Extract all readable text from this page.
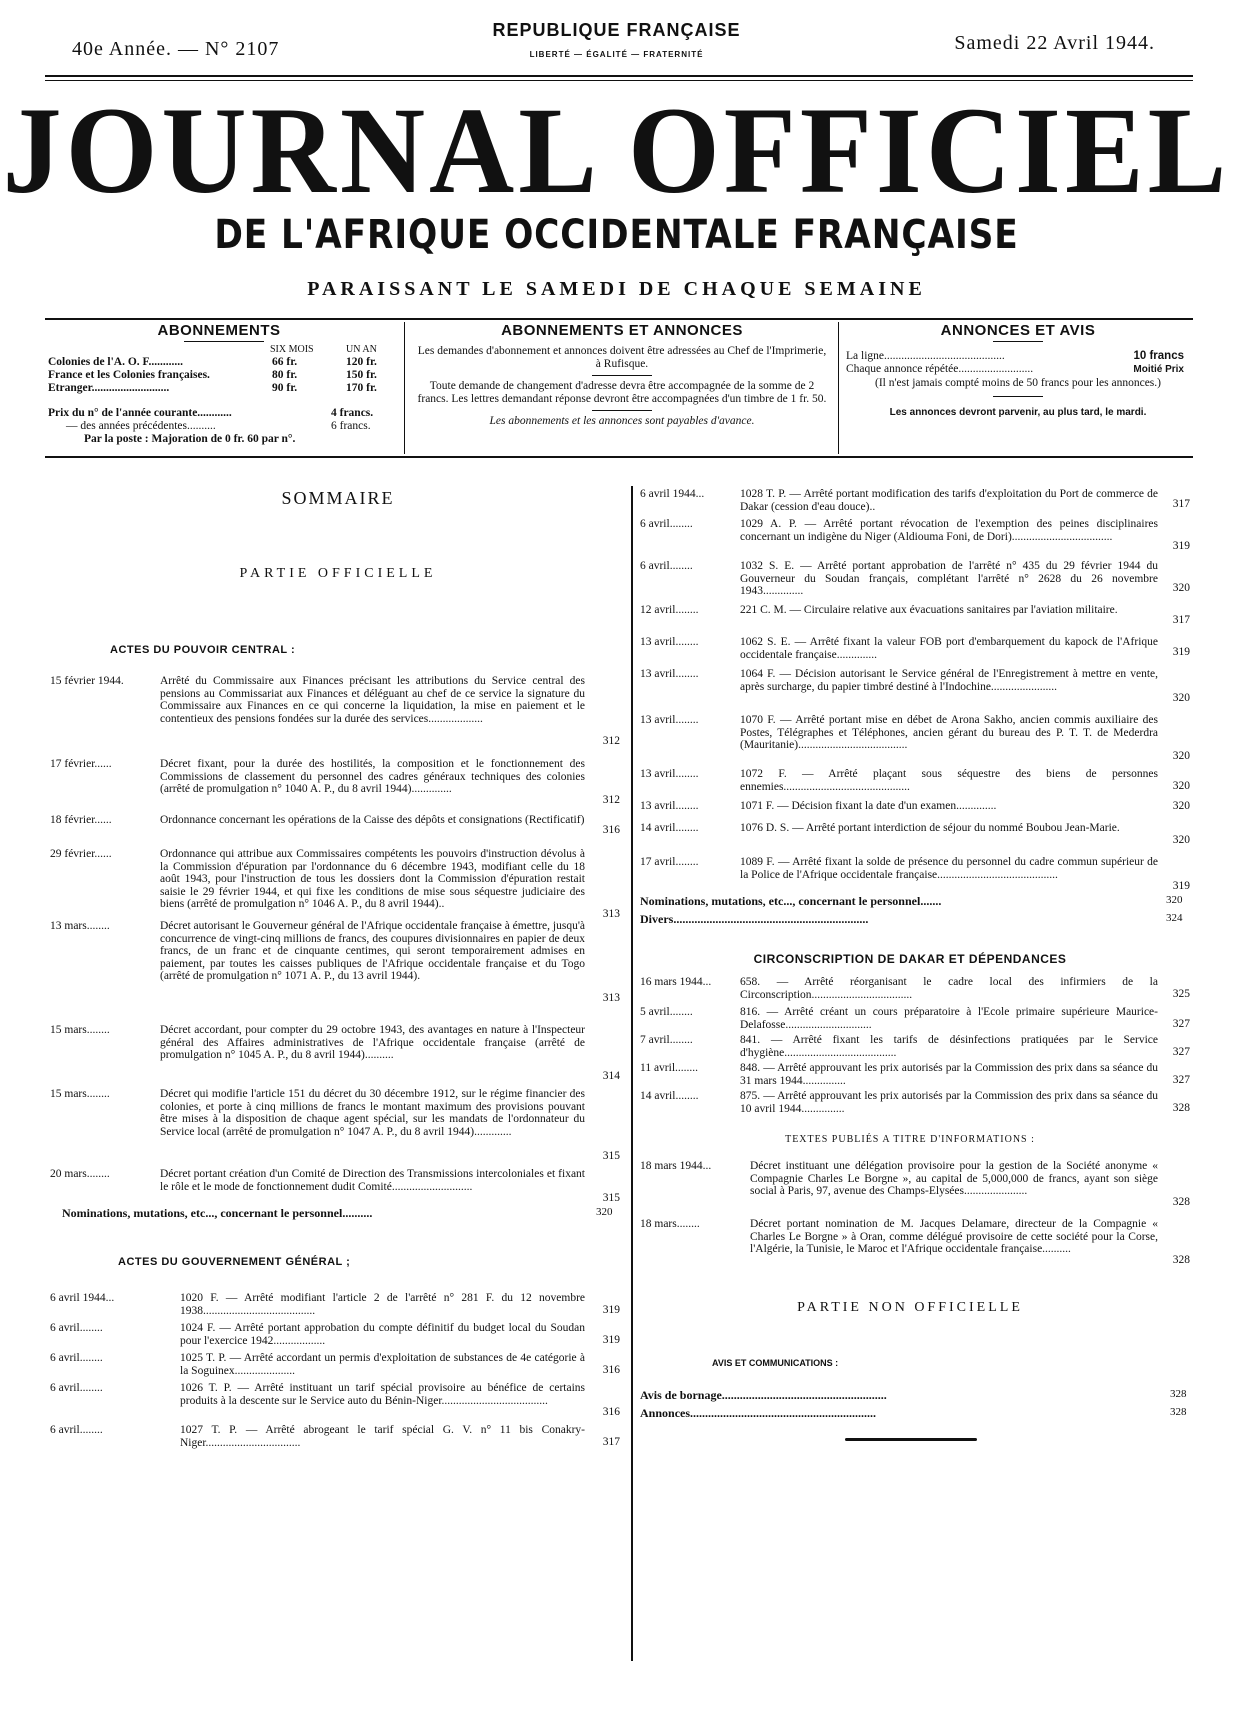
40e Année. — N° 2107
REPUBLIQUE FRANÇAISE
LIBERTÉ — ÉGALITÉ — FRATERNITÉ
Samedi 22 Avril 1944.
JOURNAL OFFICIEL
DE L'AFRIQUE OCCIDENTALE FRANÇAISE
PARAISSANT LE SAMEDI DE CHAQUE SEMAINE
ABONNEMENTS
SIX MOIS	UN AN
Colonies de l'A. O. F............	66 fr.	120 fr.
France et les Colonies françaises.	80 fr.	150 fr.
Etranger...........................	90 fr.	170 fr.
Prix du n° de l'année courante............	4 francs.
— des années précédentes..........	6 francs.
Par la poste : Majoration de 0 fr. 60 par n°.
ABONNEMENTS ET ANNONCES
Les demandes d'abonnement et annonces doivent être adressées au Chef de l'Imprimerie, à Rufisque.
Toute demande de changement d'adresse devra être accompagnée de la somme de 2 francs. Les lettres demandant réponse devront être accompagnées d'un timbre de 1 fr. 50.
Les abonnements et les annonces sont payables d'avance.
ANNONCES ET AVIS
La ligne..........................................	10 francs
Chaque annonce répétée..........................	Moitié Prix
(Il n'est jamais compté moins de 50 francs pour les annonces.)
Les annonces devront parvenir, au plus tard, le mardi.
SOMMAIRE
PARTIE OFFICIELLE
ACTES DU POUVOIR CENTRAL :
15 février 1944.	Arrêté du Commissaire aux Finances précisant les attributions du Service central des pensions au Commissariat aux Finances et déléguant au chef de ce service la signature du Commissaire aux Finances en ce qui concerne la liquidation, la mise en paiement et le contentieux des pensions fondées sur la durée des services...................
312
17 février......	Décret fixant, pour la durée des hostilités, la composition et le fonctionnement des Commissions de classement du personnel des cadres généraux techniques des colonies (arrêté de promulgation n° 1040 A. P., du 8 avril 1944)..............
312
18 février......	Ordonnance concernant les opérations de la Caisse des dépôts et consignations (Rectificatif)
316
29 février......	Ordonnance qui attribue aux Commissaires compétents les pouvoirs d'instruction dévolus à la Commission d'épuration par l'ordonnance du 6 décembre 1943, modifiant celle du 18 août 1943, pour l'instruction de tous les dossiers dont la Commission d'épuration restait saisie le 29 février 1944, et qui fixe les conditions de mise sous séquestre judiciaire des biens (arrêté de promulgation n° 1046 A. P., du 8 avril 1944)..
313
13 mars........	Décret autorisant le Gouverneur général de l'Afrique occidentale française à émettre, jusqu'à concurrence de vingt-cinq millions de francs, des coupures divisionnaires en papier de deux francs, de un franc et de cinquante centimes, qui seront temporairement admises en paiement, par toutes les caisses publiques de l'Afrique occidentale française et du Togo (arrêté de promulgation n° 1071 A. P., du 13 avril 1944).
313
15 mars........	Décret accordant, pour compter du 29 octobre 1943, des avantages en nature à l'Inspecteur général des Affaires administratives de l'Afrique occidentale française (arrêté de promulgation n° 1045 A. P., du 8 avril 1944)..........
314
15 mars........	Décret qui modifie l'article 151 du décret du 30 décembre 1912, sur le régime financier des colonies, et porte à cinq millions de francs le montant maximum des provisions pouvant être mises à la disposition de chaque agent spécial, sur les mandats de l'ordonnateur du Service local (arrêté de promulgation n° 1047 A. P., du 8 avril 1944).............
315
20 mars........	Décret portant création d'un Comité de Direction des Transmissions intercoloniales et fixant le rôle et le mode de fonctionnement dudit Comité............................
315
Nominations, mutations, etc..., concernant le personnel..........	320
ACTES DU GOUVERNEMENT GÉNÉRAL ;
6 avril 1944...	1020 F. — Arrêté modifiant l'article 2 de l'arrêté n° 281 F. du 12 novembre 1938.......................................	319
6 avril........	1024 F. — Arrêté portant approbation du compte définitif du budget local du Soudan pour l'exercice 1942..................	319
6 avril........	1025 T. P. — Arrêté accordant un permis d'exploitation de substances de 4e catégorie à la Soguinex.....................	316
6 avril........	1026 T. P. — Arrêté instituant un tarif spécial provisoire au bénéfice de certains produits à la descente sur le Service auto du Bénin-Niger.....................................
316
6 avril........	1027 T. P. — Arrêté abrogeant le tarif spécial G. V. n° 11 bis Conakry-Niger.................................	317
6 avril 1944...	1028 T. P. — Arrêté portant modification des tarifs d'exploitation du Port de commerce de Dakar (cession d'eau douce)..	317
6 avril........	1029 A. P. — Arrêté portant révocation de l'exemption des peines disciplinaires concernant un indigène du Niger (Aldiouma Foni, de Dori)...................................
319
6 avril........	1032 S. E. — Arrêté portant approbation de l'arrêté n° 435 du 29 février 1944 du Gouverneur du Soudan français, complétant l'arrêté n° 2628 du 26 novembre 1943..............	320
12 avril........	221 C. M. — Circulaire relative aux évacuations sanitaires par l'aviation militaire.
317
13 avril........	1062 S. E. — Arrêté fixant la valeur FOB port d'embarquement du kapock de l'Afrique occidentale française..............	319
13 avril........	1064 F. — Décision autorisant le Service général de l'Enregistrement à mettre en vente, après surcharge, du papier timbré destiné à l'Indochine.......................
320
13 avril........	1070 F. — Arrêté portant mise en débet de Arona Sakho, ancien commis auxiliaire des Postes, Télégraphes et Téléphones, ancien gérant du bureau des P. T. T. de Mederdra (Mauritanie)......................................
320
13 avril........	1072 F. — Arrêté plaçant sous séquestre des biens de personnes ennemies............................................	320
13 avril........	1071 F. — Décision fixant la date d'un examen..............	320
14 avril........	1076 D. S. — Arrêté portant interdiction de séjour du nommé Boubou Jean-Marie.
320
17 avril........	1089 F. — Arrêté fixant la solde de présence du personnel du cadre commun supérieur de la Police de l'Afrique occidentale française..........................................
319
Nominations, mutations, etc..., concernant le personnel.......	320
Divers.................................................................	324
CIRCONSCRIPTION DE DAKAR ET DÉPENDANCES
16 mars 1944...	658. — Arrêté réorganisant le cadre local des infirmiers de la Circonscription...................................	325
5 avril........	816. — Arrêté créant un cours préparatoire à l'Ecole primaire supérieure Maurice-Delafosse..............................	327
7 avril........	841. — Arrêté fixant les tarifs de désinfections pratiquées par le Service d'hygiène.......................................	327
11 avril........	848. — Arrêté approuvant les prix autorisés par la Commission des prix dans sa séance du 31 mars 1944...............	327
14 avril........	875. — Arrêté approuvant les prix autorisés par la Commission des prix dans sa séance du 10 avril 1944...............	328
TEXTES PUBLIÉS A TITRE D'INFORMATIONS :
18 mars 1944...	Décret instituant une délégation provisoire pour la gestion de la Société anonyme « Compagnie Charles Le Borgne », au capital de 5,000,000 de francs, ayant son siège social à Paris, 97, avenue des Champs-Elysées......................
328
18 mars........	Décret portant nomination de M. Jacques Delamare, directeur de la Compagnie « Charles Le Borgne » à Oran, comme délégué provisoire de cette société pour la Corse, l'Algérie, la Tunisie, le Maroc et l'Afrique occidentale française..........
328
PARTIE NON OFFICIELLE
AVIS ET COMMUNICATIONS :
Avis de bornage.......................................................	328
Annonces..............................................................	328
